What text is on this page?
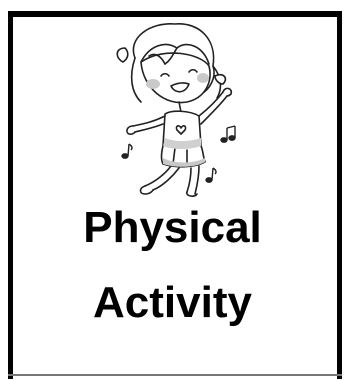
Physical
Activity
